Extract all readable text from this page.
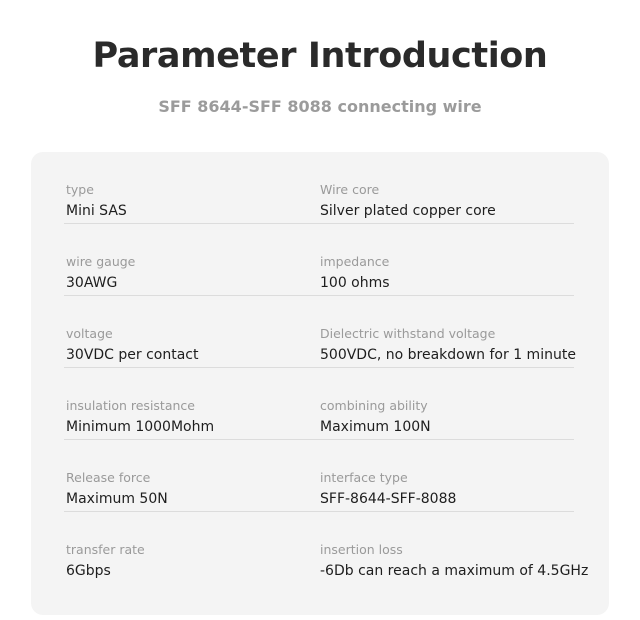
Parameter Introduction
SFF 8644-SFF 8088 connecting wire
type
Mini SAS
Wire core
Silver plated copper core
wire gauge
30AWG
impedance
100 ohms
voltage
30VDC per contact
Dielectric withstand voltage
500VDC, no breakdown for 1 minute
insulation resistance
Minimum 1000Mohm
combining ability
Maximum 100N
Release force
Maximum 50N
interface type
SFF-8644-SFF-8088
transfer rate
6Gbps
insertion loss
-6Db can reach a maximum of 4.5GHz
